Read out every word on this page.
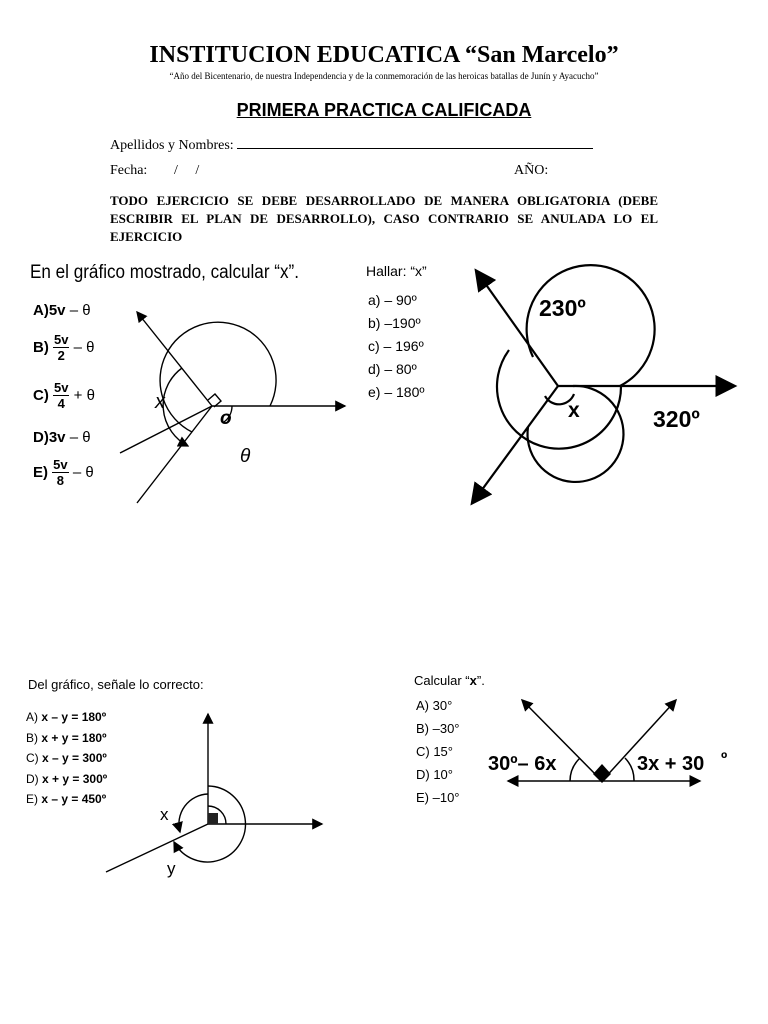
INSTITUCION EDUCATICA “San Marcelo”
“Año del Bicentenario, de nuestra Independencia y de la conmemoración de las heroicas batallas de Junín y Ayacucho”
PRIMERA PRACTICA CALIFICADA
Apellidos y Nombres:
Fecha: /     /	AÑO:
TODO EJERCICIO SE DEBE DESARROLLADO DE MANERA OBLIGATORIA (DEBE ESCRIBIR EL PLAN DE DESARROLLO), CASO CONTRARIO SE ANULADA LO EL EJERCICIO
En el gráfico mostrado, calcular “x”.
A)5v – θ
$B) \frac{5v}{2}$ – θ
$C) \frac{5v}{4} + \theta$
D)3v – θ
$E) \frac{5v}{8}$ – θ
x
o
θ
Hallar: “x”
a) – 90º
b) –190º
c) – 196º
d) – 80º
e) – 180º
230º
x	320º
Del gráfico, señale lo correcto:
A) x – y = 180º
B) x + y = 180º
C) x – y = 300º
D) x + y = 300º
E) x – y = 450º
x
y
Calcular “x”.
A) 30°
B) –30°
C) 15°
D) 10°
E) –10°
30º– 6x	3x + 30 º
